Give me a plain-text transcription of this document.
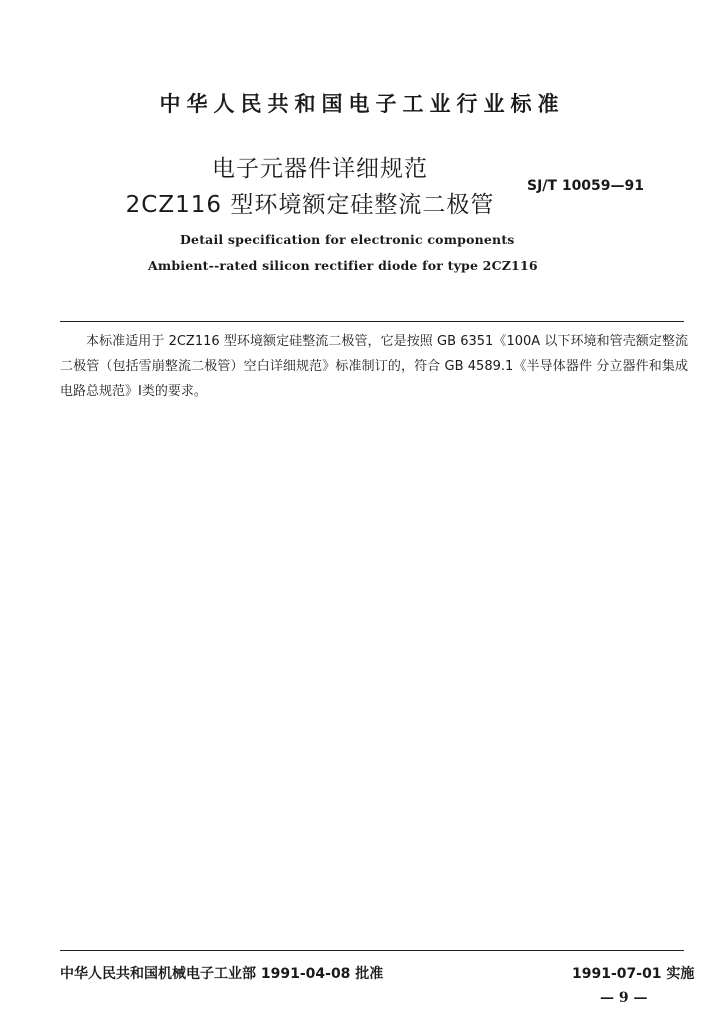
中华人民共和国电子工业行业标准
电子元器件详细规范
2CZ116 型环境额定硅整流二极管
SJ/T 10059—91
Detail specification for electronic components
Ambient--rated silicon rectifier diode for type 2CZ116
本标准适用于 2CZ116 型环境额定硅整流二极管，它是按照 GB 6351《100A 以下环境和管壳额定整流二极管（包括雪崩整流二极管）空白详细规范》标准制订的，符合 GB 4589.1《半导体器件 分立器件和集成电路总规范》Ⅰ类的要求。
中华人民共和国机械电子工业部 1991-04-08 批准	1991-07-01 实施
— 9 —
